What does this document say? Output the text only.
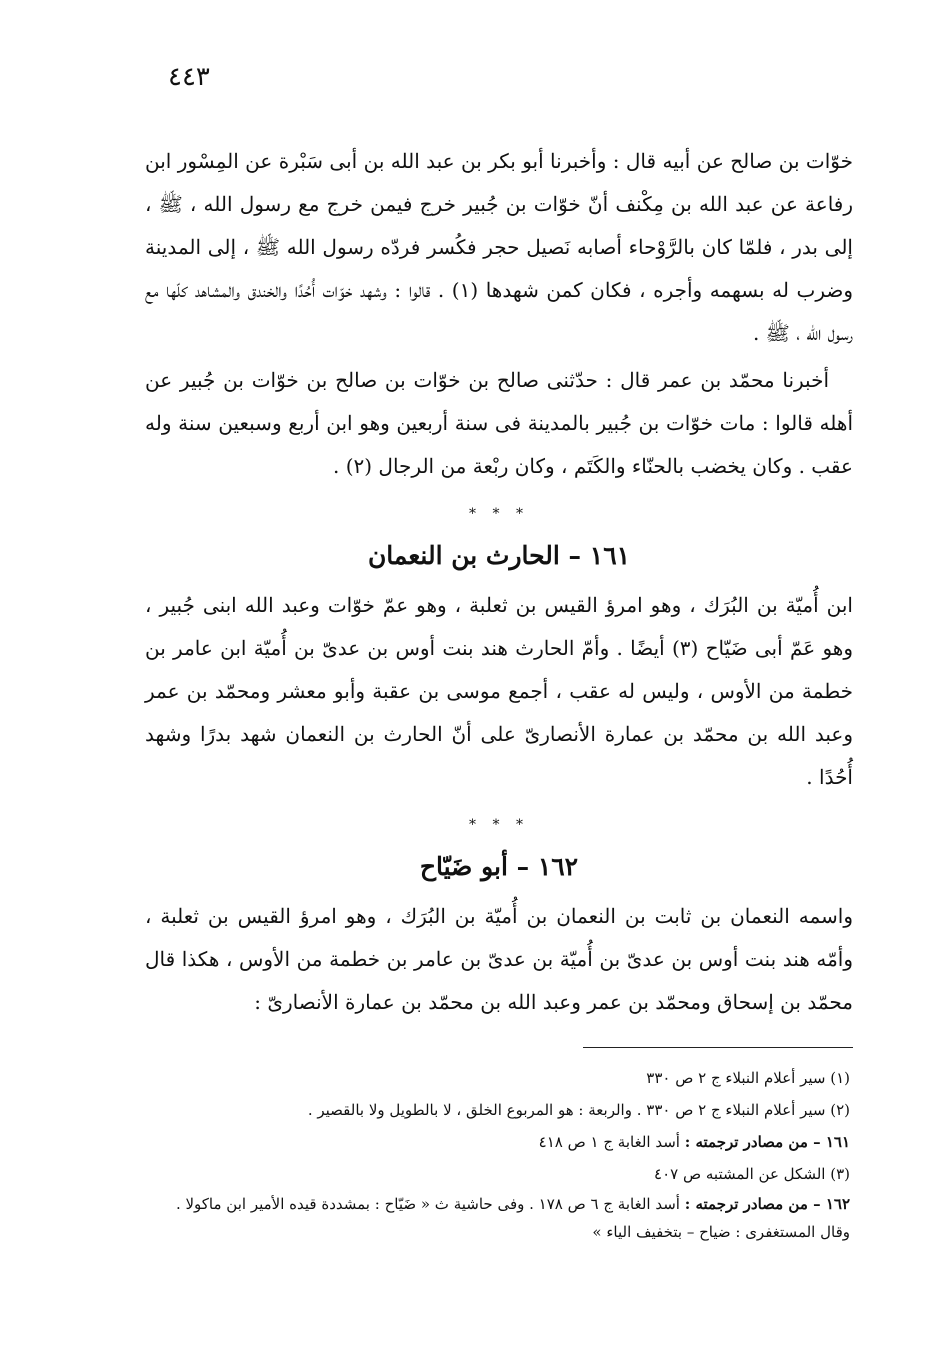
٤٤٣

خوّات بن صالح عن أبيه قال : وأخبرنا أبو بكر بن عبد الله بن أبى سَبْرة عن المِسْور ابن رفاعة عن عبد الله بن مِكْنف أنّ خوّات بن جُبير خرج فيمن خرج مع رسول الله ، ﷺ ، إلى بدر ، فلمّا كان بالرَّوْحاء أصابه نَصيل حجر فكُسر فردّه رسول الله ﷺ ، إلى المدينة وضرب له بسهمه وأجره ، فكان كمن شهدها (١) . قالوا : وشهد خوّات أُحُدًا والخندق والمشاهد كلّها مع رسول الله ، ﷺ .

أخبرنا محمّد بن عمر قال : حدّثنى صالح بن خوّات بن صالح بن خوّات بن جُبير عن أهله قالوا : مات خوّات بن جُبير بالمدينة فى سنة أربعين وهو ابن أربع وسبعين سنة وله عقب . وكان يخضب بالحنّاء والكَتَم ، وكان ربْعة من الرجال (٢) .

* * *
١٦١ – الحارث بن النعمان

ابن أُميّة بن البُرَك ، وهو امرؤ القيس بن ثعلبة ، وهو عمّ خوّات وعبد الله ابنى جُبير ، وهو عَمّ أبى ضَيّاح (٣) أيضًا . وأمّ الحارث هند بنت أوس بن عدىّ بن أُميّة ابن عامر بن خطمة من الأوس ، وليس له عقب ، أجمع موسى بن عقبة وأبو معشر ومحمّد بن عمر وعبد الله بن محمّد بن عمارة الأنصارىّ على أنّ الحارث بن النعمان شهد بدرًا وشهد أُحُدًا .

* * *
١٦٢ – أبو ضَيّاح

واسمه النعمان بن ثابت بن النعمان بن أُميّة بن البُرَك ، وهو امرؤ القيس بن ثعلبة ، وأمّه هند بنت أوس بن عدىّ بن أُميّة بن عدىّ بن عامر بن خطمة من الأوس ، هكذا قال محمّد بن إسحاق ومحمّد بن عمر وعبد الله بن محمّد بن عمارة الأنصارىّ :

(١) سير أعلام النبلاء ج ٢ ص ٣٣٠

(٢) سير أعلام النبلاء ج ٢ ص ٣٣٠ . والربعة : هو المربوع الخلق ، لا بالطويل ولا بالقصير .

١٦١ – من مصادر ترجمته : أسد الغابة ج ١ ص ٤١٨

(٣) الشكل عن المشتبه ص ٤٠٧

١٦٢ – من مصادر ترجمته : أسد الغابة ج ٦ ص ١٧٨ . وفى حاشية ث « ضَيّاح : بمشددة قيده الأمير ابن ماكولا . وقال المستغفرى : ضياح – بتخفيف الياء »
